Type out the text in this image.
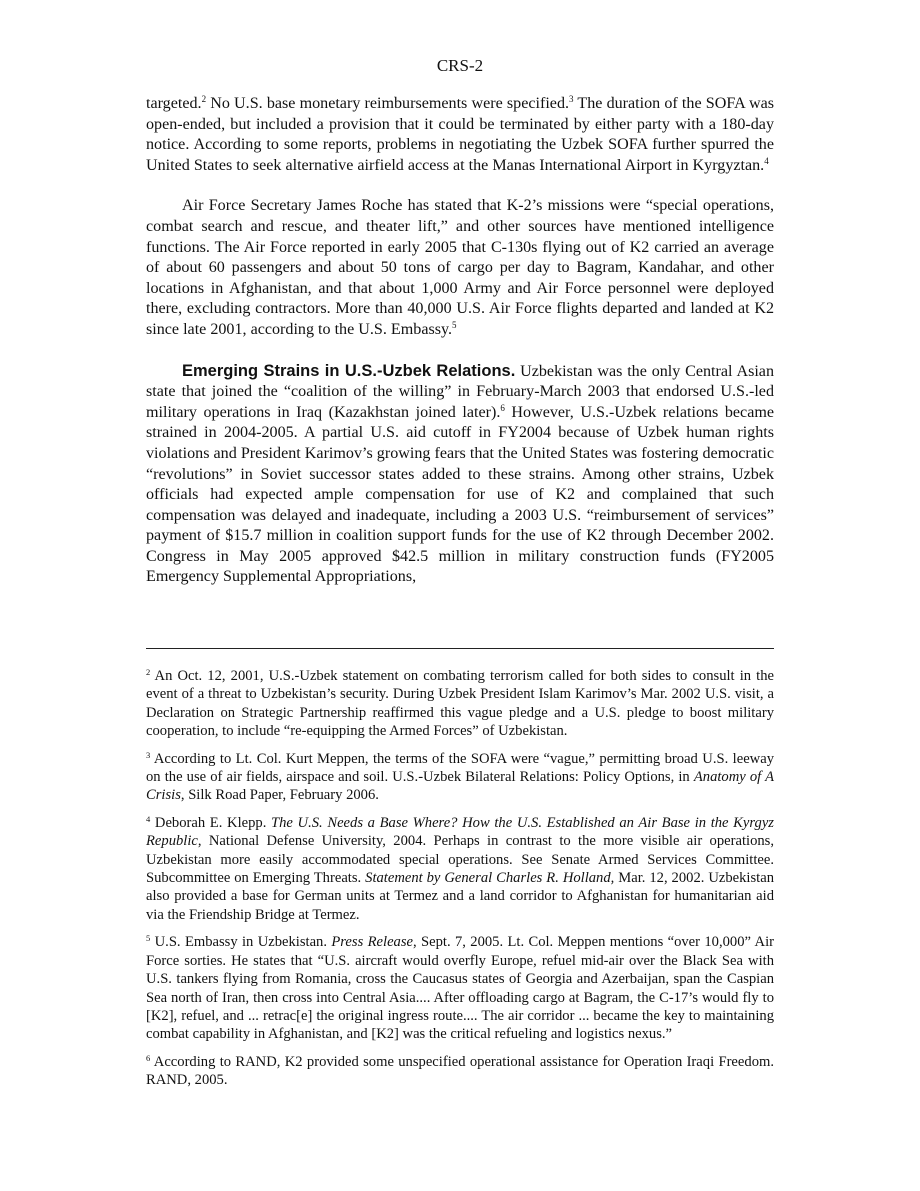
CRS-2

targeted.$^2$ No U.S. base monetary reimbursements were specified.$^3$ The duration of the SOFA was open-ended, but included a provision that it could be terminated by either party with a 180-day notice. According to some reports, problems in negotiating the Uzbek SOFA further spurred the United States to seek alternative airfield access at the Manas International Airport in Kyrgyztan.$^4$

Air Force Secretary James Roche has stated that K-2’s missions were “special operations, combat search and rescue, and theater lift,” and other sources have mentioned intelligence functions. The Air Force reported in early 2005 that C-130s flying out of K2 carried an average of about 60 passengers and about 50 tons of cargo per day to Bagram, Kandahar, and other locations in Afghanistan, and that about 1,000 Army and Air Force personnel were deployed there, excluding contractors. More than 40,000 U.S. Air Force flights departed and landed at K2 since late 2001, according to the U.S. Embassy.$^5$

Emerging Strains in U.S.-Uzbek Relations. Uzbekistan was the only Central Asian state that joined the “coalition of the willing” in February-March 2003 that endorsed U.S.-led military operations in Iraq (Kazakhstan joined later).$^6$ However, U.S.-Uzbek relations became strained in 2004-2005. A partial U.S. aid cutoff in FY2004 because of Uzbek human rights violations and President Karimov’s growing fears that the United States was fostering democratic “revolutions” in Soviet successor states added to these strains. Among other strains, Uzbek officials had expected ample compensation for use of K2 and complained that such compensation was delayed and inadequate, including a 2003 U.S. “reimbursement of services” payment of $15.7 million in coalition support funds for the use of K2 through December 2002. Congress in May 2005 approved $42.5 million in military construction funds (FY2005 Emergency Supplemental Appropriations,

$^2$ An Oct. 12, 2001, U.S.-Uzbek statement on combating terrorism called for both sides to consult in the event of a threat to Uzbekistan’s security. During Uzbek President Islam Karimov’s Mar. 2002 U.S. visit, a Declaration on Strategic Partnership reaffirmed this vague pledge and a U.S. pledge to boost military cooperation, to include “re-equipping the Armed Forces” of Uzbekistan.

$^3$ According to Lt. Col. Kurt Meppen, the terms of the SOFA were “vague,” permitting broad U.S. leeway on the use of air fields, airspace and soil. U.S.-Uzbek Bilateral Relations: Policy Options, in Anatomy of A Crisis, Silk Road Paper, February 2006.

$^4$ Deborah E. Klepp. The U.S. Needs a Base Where? How the U.S. Established an Air Base in the Kyrgyz Republic, National Defense University, 2004. Perhaps in contrast to the more visible air operations, Uzbekistan more easily accommodated special operations. See Senate Armed Services Committee. Subcommittee on Emerging Threats. Statement by General Charles R. Holland, Mar. 12, 2002. Uzbekistan also provided a base for German units at Termez and a land corridor to Afghanistan for humanitarian aid via the Friendship Bridge at Termez.

$^5$ U.S. Embassy in Uzbekistan. Press Release, Sept. 7, 2005. Lt. Col. Meppen mentions “over 10,000” Air Force sorties. He states that “U.S. aircraft would overfly Europe, refuel mid-air over the Black Sea with U.S. tankers flying from Romania, cross the Caucasus states of Georgia and Azerbaijan, span the Caspian Sea north of Iran, then cross into Central Asia.... After offloading cargo at Bagram, the C-17’s would fly to [K2], refuel, and ... retrac[e] the original ingress route.... The air corridor ... became the key to maintaining combat capability in Afghanistan, and [K2] was the critical refueling and logistics nexus.”

$^6$ According to RAND, K2 provided some unspecified operational assistance for Operation Iraqi Freedom. RAND, 2005.
